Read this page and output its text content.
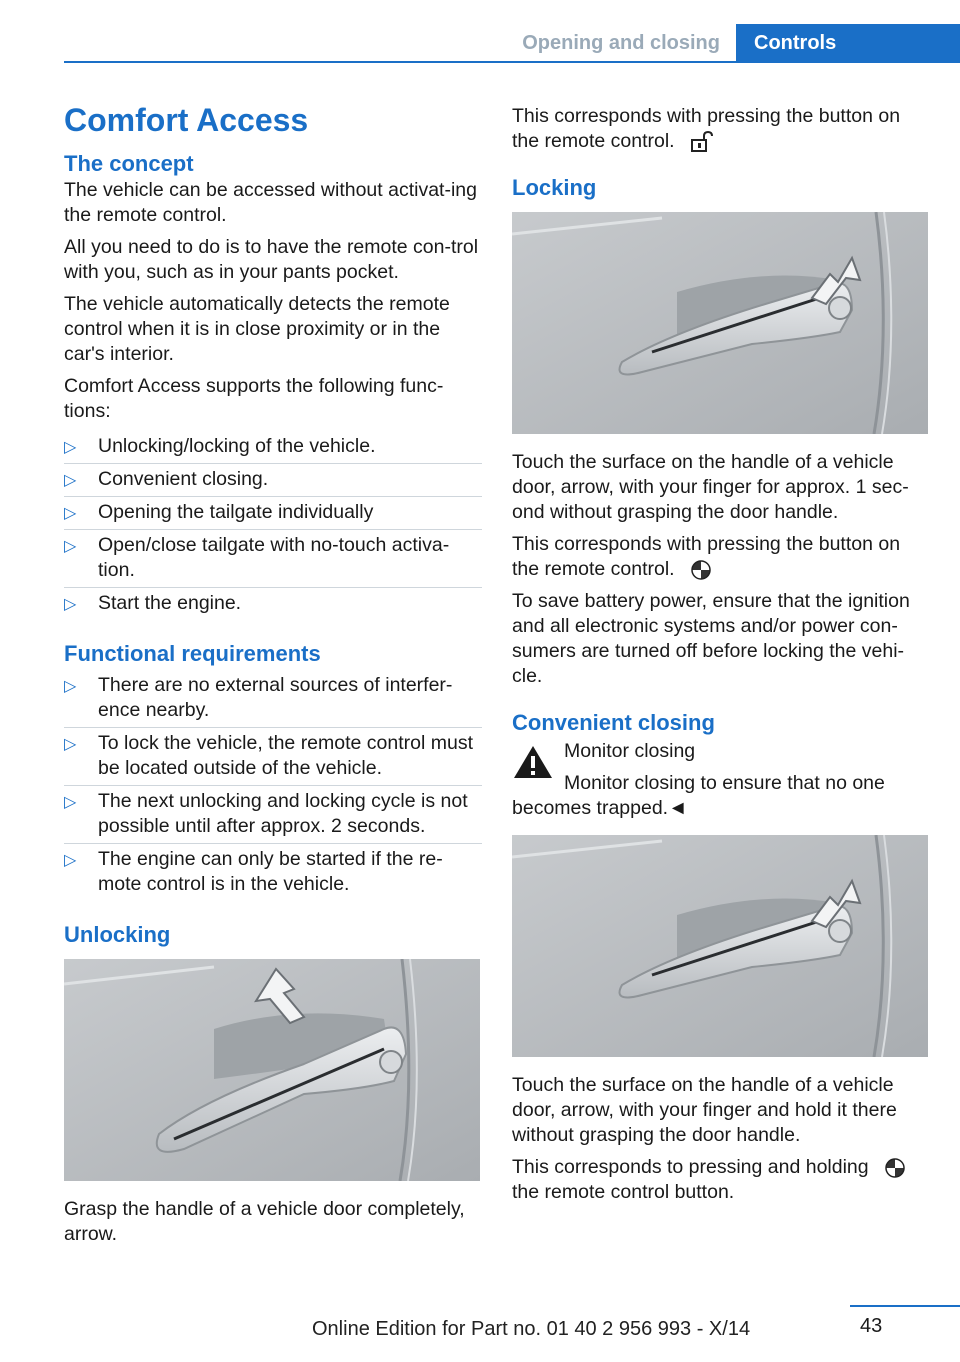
Opening and closing	Controls
Comfort Access
The concept
The vehicle can be accessed without activat-ing the remote control.
All you need to do is to have the remote con-trol with you, such as in your pants pocket.
The vehicle automatically detects the remote control when it is in close proximity or in the car's interior.
Comfort Access supports the following func-tions:
▷ Unlocking/locking of the vehicle.
▷ Convenient closing.
▷ Opening the tailgate individually
▷ Open/close tailgate with no-touch activa-tion.
▷ Start the engine.
Functional requirements
▷ There are no external sources of interfer-ence nearby.
▷ To lock the vehicle, the remote control must be located outside of the vehicle.
▷ The next unlocking and locking cycle is not possible until after approx. 2 seconds.
▷ The engine can only be started if the re-mote control is in the vehicle.
Unlocking
Grasp the handle of a vehicle door completely, arrow.
This corresponds with pressing the button on the remote control.
Locking
Touch the surface on the handle of a vehicle door, arrow, with your finger for approx. 1 sec-ond without grasping the door handle.
This corresponds with pressing the button on the remote control.
To save battery power, ensure that the ignition and all electronic systems and/or power con-sumers are turned off before locking the vehi-cle.
Convenient closing
Monitor closing
Monitor closing to ensure that no one becomes trapped.◄
Touch the surface on the handle of a vehicle door, arrow, with your finger and hold it there without grasping the door handle.
This corresponds to pressing and holding
the remote control button.
43
Online Edition for Part no. 01 40 2 956 993 - X/14
